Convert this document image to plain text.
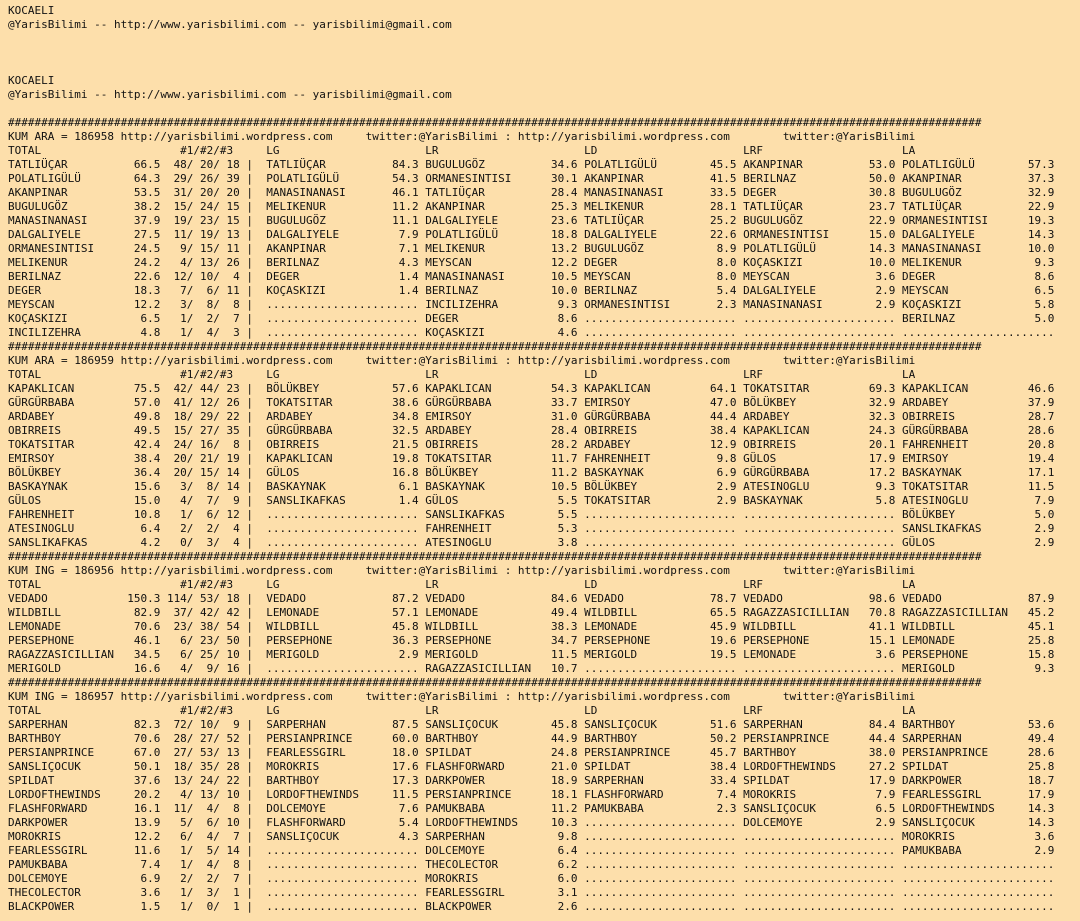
KOCAELI
@YarisBilimi -- http://www.yarisbilimi.com -- yarisbilimi@gmail.com
KOCAELI
@YarisBilimi -- http://www.yarisbilimi.com -- yarisbilimi@gmail.com
###################################################################################################################################################
KUM ARA = 186958 http://yarisbilimi.wordpress.com     twitter:@YarisBilimi : http://yarisbilimi.wordpress.com        twitter:@YarisBilimi
TOTAL                     #1/#2/#3     LG                      LR                      LD                      LRF                     LA
TATLIÜÇAR          66.5  48/ 20/ 18 |  TATLIÜÇAR          84.3 BUGULUGÖZ          34.6 POLATLIGÜLÜ        45.5 AKANPINAR          53.0 POLATLIGÜLÜ        57.3
POLATLIGÜLÜ        64.3  29/ 26/ 39 |  POLATLIGÜLÜ        54.3 ORMANESINTISI      30.1 AKANPINAR          41.5 BERILNAZ           50.0 AKANPINAR          37.3
AKANPINAR          53.5  31/ 20/ 20 |  MANASINANASI       46.1 TATLIÜÇAR          28.4 MANASINANASI       33.5 DEGER              30.8 BUGULUGÖZ          32.9
BUGULUGÖZ          38.2  15/ 24/ 15 |  MELIKENUR          11.2 AKANPINAR          25.3 MELIKENUR          28.1 TATLIÜÇAR          23.7 TATLIÜÇAR          22.9
MANASINANASI       37.9  19/ 23/ 15 |  BUGULUGÖZ          11.1 DALGALIYELE        23.6 TATLIÜÇAR          25.2 BUGULUGÖZ          22.9 ORMANESINTISI      19.3
DALGALIYELE        27.5  11/ 19/ 13 |  DALGALIYELE         7.9 POLATLIGÜLÜ        18.8 DALGALIYELE        22.6 ORMANESINTISI      15.0 DALGALIYELE        14.3
ORMANESINTISI      24.5   9/ 15/ 11 |  AKANPINAR           7.1 MELIKENUR          13.2 BUGULUGÖZ           8.9 POLATLIGÜLÜ        14.3 MANASINANASI       10.0
MELIKENUR          24.2   4/ 13/ 26 |  BERILNAZ            4.3 MEYSCAN            12.2 DEGER               8.0 KOÇASKIZI          10.0 MELIKENUR           9.3
BERILNAZ           22.6  12/ 10/  4 |  DEGER               1.4 MANASINANASI       10.5 MEYSCAN             8.0 MEYSCAN             3.6 DEGER               8.6
DEGER              18.3   7/  6/ 11 |  KOÇASKIZI           1.4 BERILNAZ           10.0 BERILNAZ            5.4 DALGALIYELE         2.9 MEYSCAN             6.5
MEYSCAN            12.2   3/  8/  8 |  ....................... INCILIZEHRA         9.3 ORMANESINTISI       2.3 MANASINANASI        2.9 KOÇASKIZI           5.8
KOÇASKIZI           6.5   1/  2/  7 |  ....................... DEGER               8.6 ....................... ....................... BERILNAZ            5.0
INCILIZEHRA         4.8   1/  4/  3 |  ....................... KOÇASKIZI           4.6 ....................... ....................... .......................
###################################################################################################################################################
KUM ARA = 186959 http://yarisbilimi.wordpress.com     twitter:@YarisBilimi : http://yarisbilimi.wordpress.com        twitter:@YarisBilimi
TOTAL                     #1/#2/#3     LG                      LR                      LD                      LRF                     LA
KAPAKLICAN         75.5  42/ 44/ 23 |  BÖLÜKBEY           57.6 KAPAKLICAN         54.3 KAPAKLICAN         64.1 TOKATSITAR         69.3 KAPAKLICAN         46.6
GÜRGÜRBABA         57.0  41/ 12/ 26 |  TOKATSITAR         38.6 GÜRGÜRBABA         33.7 EMIRSOY            47.0 BÖLÜKBEY           32.9 ARDABEY            37.9
ARDABEY            49.8  18/ 29/ 22 |  ARDABEY            34.8 EMIRSOY            31.0 GÜRGÜRBABA         44.4 ARDABEY            32.3 OBIRREIS           28.7
OBIRREIS           49.5  15/ 27/ 35 |  GÜRGÜRBABA         32.5 ARDABEY            28.4 OBIRREIS           38.4 KAPAKLICAN         24.3 GÜRGÜRBABA         28.6
TOKATSITAR         42.4  24/ 16/  8 |  OBIRREIS           21.5 OBIRREIS           28.2 ARDABEY            12.9 OBIRREIS           20.1 FAHRENHEIT         20.8
EMIRSOY            38.4  20/ 21/ 19 |  KAPAKLICAN         19.8 TOKATSITAR         11.7 FAHRENHEIT          9.8 GÜLOS              17.9 EMIRSOY            19.4
BÖLÜKBEY           36.4  20/ 15/ 14 |  GÜLOS              16.8 BÖLÜKBEY           11.2 BASKAYNAK           6.9 GÜRGÜRBABA         17.2 BASKAYNAK          17.1
BASKAYNAK          15.6   3/  8/ 14 |  BASKAYNAK           6.1 BASKAYNAK          10.5 BÖLÜKBEY            2.9 ATESINOGLU          9.3 TOKATSITAR         11.5
GÜLOS              15.0   4/  7/  9 |  SANSLIKAFKAS        1.4 GÜLOS               5.5 TOKATSITAR          2.9 BASKAYNAK           5.8 ATESINOGLU          7.9
FAHRENHEIT         10.8   1/  6/ 12 |  ....................... SANSLIKAFKAS        5.5 ....................... ....................... BÖLÜKBEY            5.0
ATESINOGLU          6.4   2/  2/  4 |  ....................... FAHRENHEIT          5.3 ....................... ....................... SANSLIKAFKAS        2.9
SANSLIKAFKAS        4.2   0/  3/  4 |  ....................... ATESINOGLU          3.8 ....................... ....................... GÜLOS               2.9
###################################################################################################################################################
KUM ING = 186956 http://yarisbilimi.wordpress.com     twitter:@YarisBilimi : http://yarisbilimi.wordpress.com        twitter:@YarisBilimi
TOTAL                     #1/#2/#3     LG                      LR                      LD                      LRF                     LA
VEDADO            150.3 114/ 53/ 18 |  VEDADO             87.2 VEDADO             84.6 VEDADO             78.7 VEDADO             98.6 VEDADO             87.9
WILDBILL           82.9  37/ 42/ 42 |  LEMONADE           57.1 LEMONADE           49.4 WILDBILL           65.5 RAGAZZASICILLIAN   70.8 RAGAZZASICILLIAN   45.2
LEMONADE           70.6  23/ 38/ 54 |  WILDBILL           45.8 WILDBILL           38.3 LEMONADE           45.9 WILDBILL           41.1 WILDBILL           45.1
PERSEPHONE         46.1   6/ 23/ 50 |  PERSEPHONE         36.3 PERSEPHONE         34.7 PERSEPHONE         19.6 PERSEPHONE         15.1 LEMONADE           25.8
RAGAZZASICILLIAN   34.5   6/ 25/ 10 |  MERIGOLD            2.9 MERIGOLD           11.5 MERIGOLD           19.5 LEMONADE            3.6 PERSEPHONE         15.8
MERIGOLD           16.6   4/  9/ 16 |  ....................... RAGAZZASICILLIAN   10.7 ....................... ....................... MERIGOLD            9.3
###################################################################################################################################################
KUM ING = 186957 http://yarisbilimi.wordpress.com     twitter:@YarisBilimi : http://yarisbilimi.wordpress.com        twitter:@YarisBilimi
TOTAL                     #1/#2/#3     LG                      LR                      LD                      LRF                     LA
SARPERHAN          82.3  72/ 10/  9 |  SARPERHAN          87.5 SANSLIÇOCUK        45.8 SANSLIÇOCUK        51.6 SARPERHAN          84.4 BARTHBOY           53.6
BARTHBOY           70.6  28/ 27/ 52 |  PERSIANPRINCE      60.0 BARTHBOY           44.9 BARTHBOY           50.2 PERSIANPRINCE      44.4 SARPERHAN          49.4
PERSIANPRINCE      67.0  27/ 53/ 13 |  FEARLESSGIRL       18.0 SPILDAT            24.8 PERSIANPRINCE      45.7 BARTHBOY           38.0 PERSIANPRINCE      28.6
SANSLIÇOCUK        50.1  18/ 35/ 28 |  MOROKRIS           17.6 FLASHFORWARD       21.0 SPILDAT            38.4 LORDOFTHEWINDS     27.2 SPILDAT            25.8
SPILDAT            37.6  13/ 24/ 22 |  BARTHBOY           17.3 DARKPOWER          18.9 SARPERHAN          33.4 SPILDAT            17.9 DARKPOWER          18.7
LORDOFTHEWINDS     20.2   4/ 13/ 10 |  LORDOFTHEWINDS     11.5 PERSIANPRINCE      18.1 FLASHFORWARD        7.4 MOROKRIS            7.9 FEARLESSGIRL       17.9
FLASHFORWARD       16.1  11/  4/  8 |  DOLCEMOYE           7.6 PAMUKBABA          11.2 PAMUKBABA           2.3 SANSLIÇOCUK         6.5 LORDOFTHEWINDS     14.3
DARKPOWER          13.9   5/  6/ 10 |  FLASHFORWARD        5.4 LORDOFTHEWINDS     10.3 ....................... DOLCEMOYE           2.9 SANSLIÇOCUK        14.3
MOROKRIS           12.2   6/  4/  7 |  SANSLIÇOCUK         4.3 SARPERHAN           9.8 ....................... ....................... MOROKRIS            3.6
FEARLESSGIRL       11.6   1/  5/ 14 |  ....................... DOLCEMOYE           6.4 ....................... ....................... PAMUKBABA           2.9
PAMUKBABA           7.4   1/  4/  8 |  ....................... THECOLECTOR         6.2 ....................... ....................... .......................
DOLCEMOYE           6.9   2/  2/  7 |  ....................... MOROKRIS            6.0 ....................... ....................... .......................
THECOLECTOR         3.6   1/  3/  1 |  ....................... FEARLESSGIRL        3.1 ....................... ....................... .......................
BLACKPOWER          1.5   1/  0/  1 |  ....................... BLACKPOWER          2.6 ....................... ....................... .......................
